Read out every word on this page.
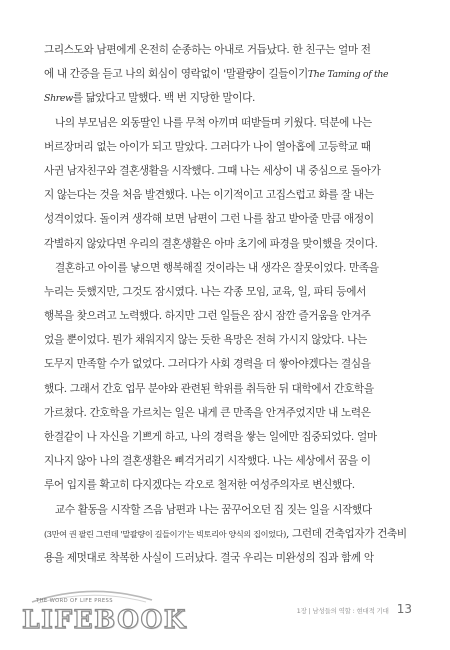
그리스도와 남편에게 온전히 순종하는 아내로 거듭났다. 한 친구는 얼마 전
에 내 간증을 듣고 나의 회심이 영락없이 '말괄량이 길들이기The Taming of the
Shrew를 닮았다고 말했다. 백 번 지당한 말이다.
나의 부모님은 외동딸인 나를 무척 아끼며 떠받들며 키웠다. 덕분에 나는
버르장머리 없는 아이가 되고 말았다. 그러다가 나이 열아홉에 고등학교 때
사귄 남자친구와 결혼생활을 시작했다. 그때 나는 세상이 내 중심으로 돌아가
지 않는다는 것을 처음 발견했다. 나는 이기적이고 고집스럽고 화를 잘 내는
성격이었다. 돌이켜 생각해 보면 남편이 그런 나를 참고 받아줄 만큼 애정이
각별하지 않았다면 우리의 결혼생활은 아마 초기에 파경을 맞이했을 것이다.
결혼하고 아이를 낳으면 행복해질 것이라는 내 생각은 잘못이었다. 만족을
누리는 듯했지만, 그것도 잠시였다. 나는 각종 모임, 교육, 일, 파티 등에서
행복을 찾으려고 노력했다. 하지만 그런 일들은 잠시 잠깐 즐거움을 안겨주
었을 뿐이었다. 뭔가 채워지지 않는 듯한 욕망은 전혀 가시지 않았다. 나는
도무지 만족할 수가 없었다. 그러다가 사회 경력을 더 쌓아야겠다는 결심을
했다. 그래서 간호 업무 분야와 관련된 학위를 취득한 뒤 대학에서 간호학을
가르쳤다. 간호학을 가르치는 일은 내게 큰 만족을 안겨주었지만 내 노력은
한결같이 나 자신을 기쁘게 하고, 나의 경력을 쌓는 일에만 집중되었다. 얼마
지나지 않아 나의 결혼생활은 삐걱거리기 시작했다. 나는 세상에서 꿈을 이
루어 입지를 확고히 다지겠다는 각오로 철저한 여성주의자로 변신했다.
교수 활동을 시작할 즈음 남편과 나는 꿈꾸어오던 집 짓는 일을 시작했다
(3만여 권 팔린 그런데 '말괄량이 길들이기'는 빅토리아 양식의 집이었다), 그런데 건축업자가 건축비
용을 제멋대로 착복한 사실이 드러났다. 결국 우리는 미완성의 집과 함께 악
THE WORD OF LIFE PRESS
LIFEBOOK	1장 | 남성들의 역할 : 현대적 기대 13
